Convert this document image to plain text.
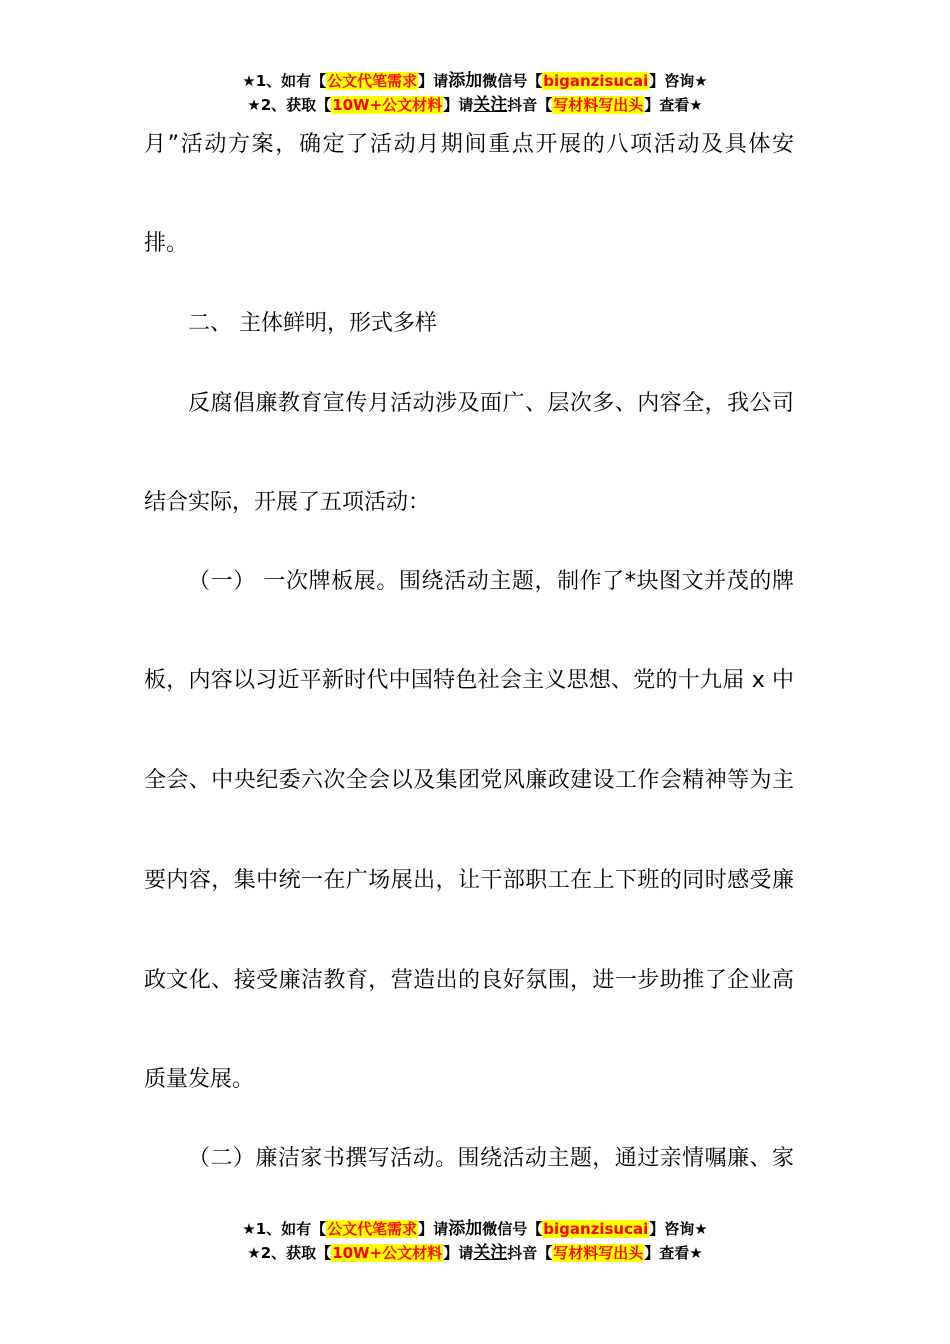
★1、如有【公文代笔需求】请添加微信号【biganzisucai】咨询★
★2、获取【10W+公文材料】请关注抖音【写材料写出头】查看★
月”活动方案，确定了活动月期间重点开展的八项活动及具体安
排。
二、 主体鲜明，形式多样
反腐倡廉教育宣传月活动涉及面广、层次多、内容全，我公司
结合实际，开展了五项活动：
（一） 一次牌板展。围绕活动主题，制作了*块图文并茂的牌
板，内容以习近平新时代中国特色社会主义思想、党的十九届 x 中
全会、中央纪委六次全会以及集团党风廉政建设工作会精神等为主
要内容，集中统一在广场展出，让干部职工在上下班的同时感受廉
政文化、接受廉洁教育，营造出的良好氛围，进一步助推了企业高
质量发展。
（二）廉洁家书撰写活动。围绕活动主题，通过亲情嘱廉、家
★1、如有【公文代笔需求】请添加微信号【biganzisucai】咨询★
★2、获取【10W+公文材料】请关注抖音【写材料写出头】查看★
